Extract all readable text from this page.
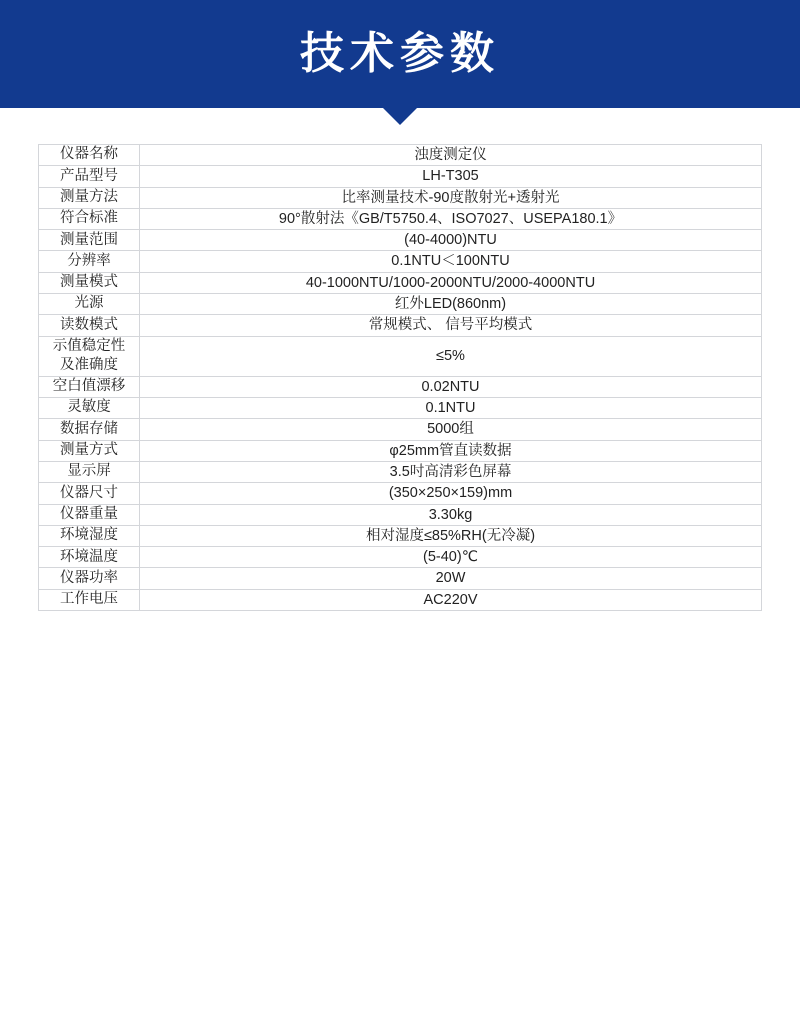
技术参数
仪器名称	浊度测定仪
产品型号	LH-T305
测量方法	比率测量技术-90度散射光+透射光
符合标准	90°散射法《GB/T5750.4、ISO7027、USEPA180.1》
测量范围	(40-4000)NTU
分辨率	0.1NTU＜100NTU
测量模式	40-1000NTU/1000-2000NTU/2000-4000NTU
光源	红外LED(860nm)
读数模式	常规模式、 信号平均模式

示值稳定性
及准确度	≤5%
空白值漂移	0.02NTU
灵敏度	0.1NTU
数据存储	5000组
测量方式	φ25mm管直读数据
显示屏	3.5吋高清彩色屏幕
仪器尺寸	(350×250×159)mm
仪器重量	3.30kg
环境湿度	相对湿度≤85%RH(无冷凝)
环境温度	(5-40)℃
仪器功率	20W
工作电压	AC220V
